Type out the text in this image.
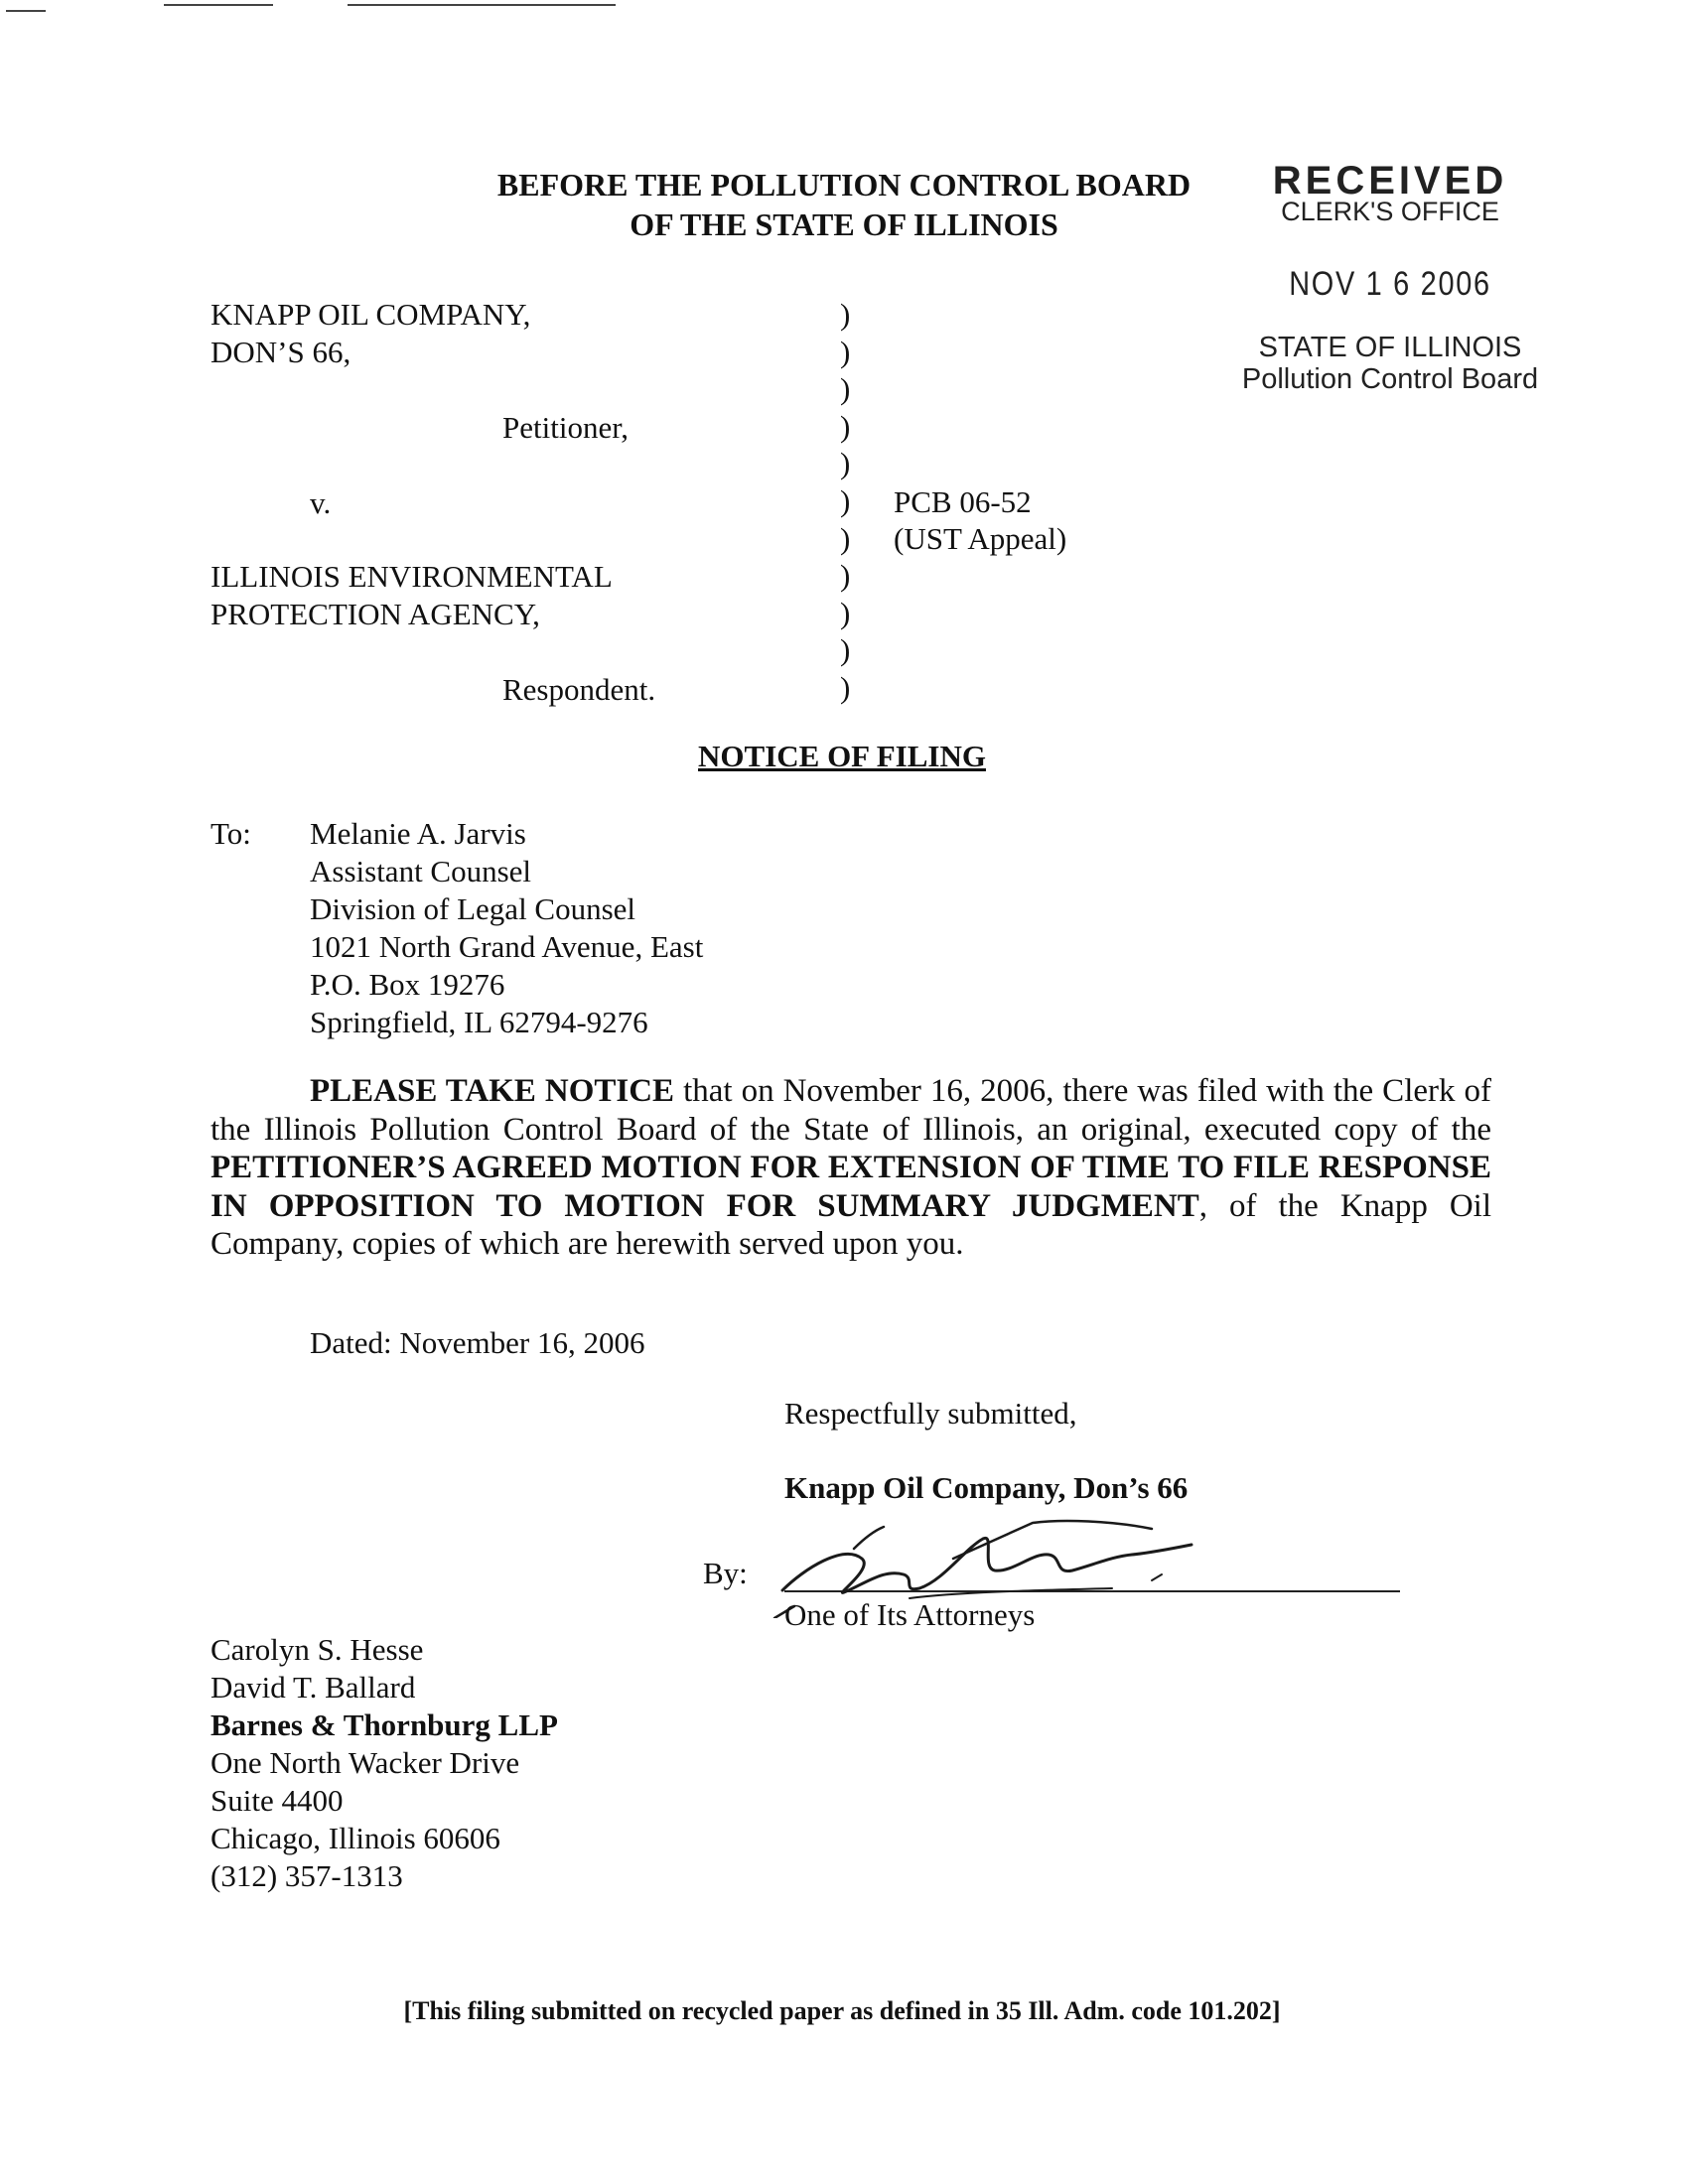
BEFORE THE POLLUTION CONTROL BOARD
OF THE STATE OF ILLINOIS
RECEIVED
CLERK'S OFFICE
NOV 1 6 2006
STATE OF ILLINOIS
Pollution Control Board
KNAPP OIL COMPANY,
DON’S 66,
Petitioner,
v.
ILLINOIS ENVIRONMENTAL
PROTECTION AGENCY,
Respondent.
)
)
)
)
)
)
)
)
)
)
)
PCB 06-52
(UST Appeal)
NOTICE OF FILING
To: Melanie A. Jarvis
Assistant Counsel
Division of Legal Counsel
1021 North Grand Avenue, East
P.O. Box 19276
Springfield, IL 62794-9276
PLEASE TAKE NOTICE that on November 16, 2006, there was filed with the Clerk of the Illinois Pollution Control Board of the State of Illinois, an original, executed copy of the PETITIONER’S AGREED MOTION FOR EXTENSION OF TIME TO FILE RESPONSE IN OPPOSITION TO MOTION FOR SUMMARY JUDGMENT, of the Knapp Oil Company, copies of which are herewith served upon you.
Dated: November 16, 2006
Respectfully submitted,
Knapp Oil Company, Don’s 66
By:
One of Its Attorneys
Carolyn S. Hesse
David T. Ballard
Barnes & Thornburg LLP
One North Wacker Drive
Suite 4400
Chicago, Illinois 60606
(312) 357-1313
[This filing submitted on recycled paper as defined in 35 Ill. Adm. code 101.202]
